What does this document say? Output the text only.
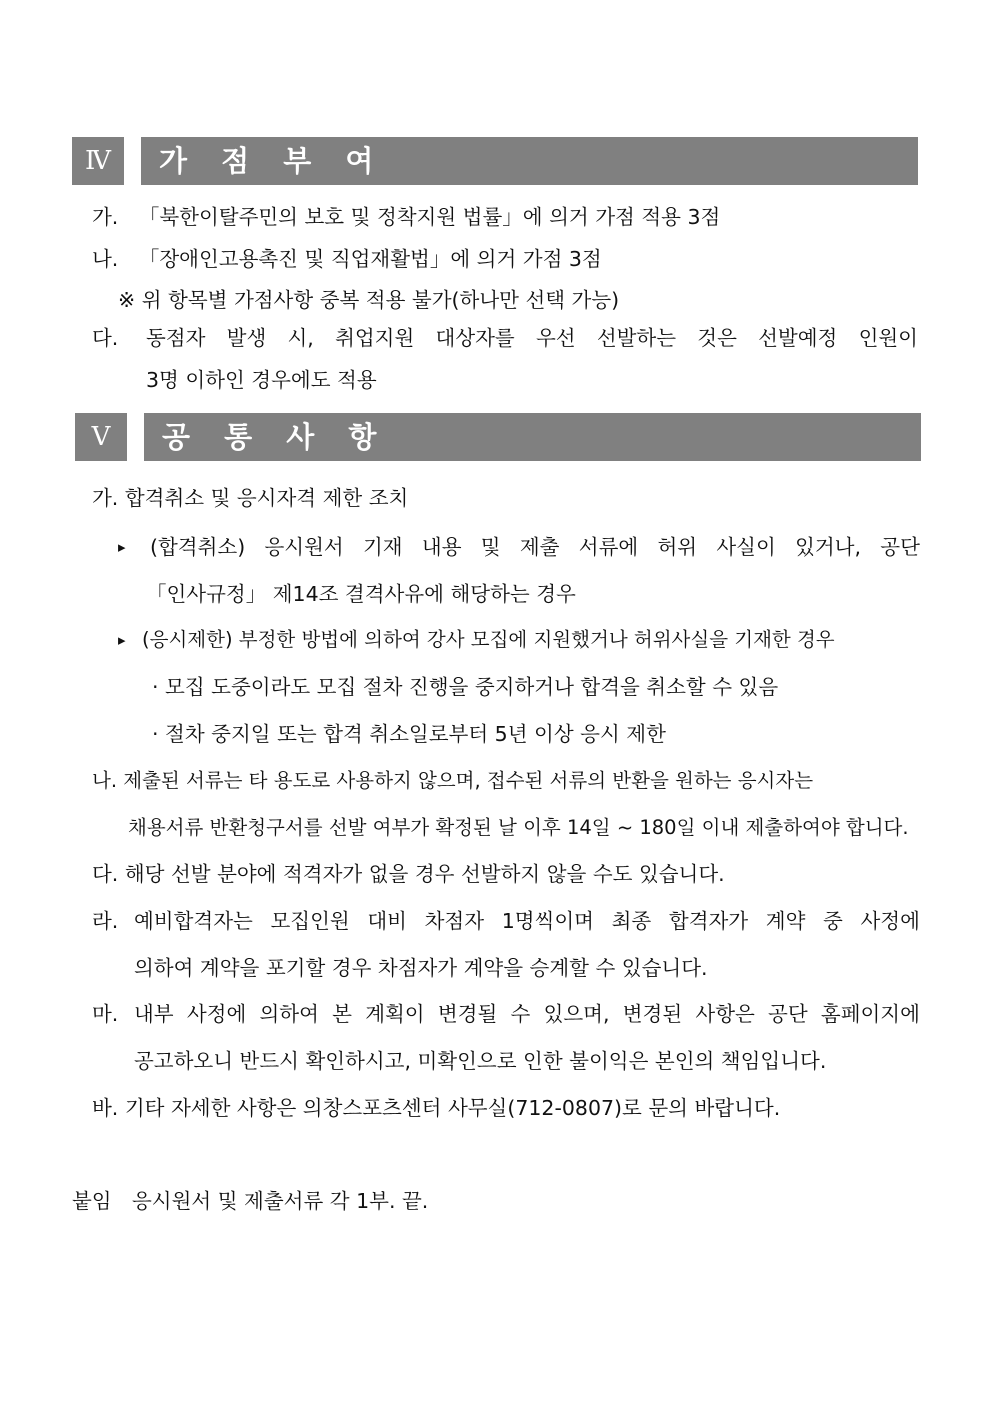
Ⅳ	가 점 부 여
가. 「북한이탈주민의 보호 및 정착지원 법률」에 의거 가점 적용 3점
나. 「장애인고용촉진 및 직업재활법」에 의거 가점 3점
※ 위 항목별 가점사항 중복 적용 불가(하나만 선택 가능)
다. 동점자 발생 시, 취업지원 대상자를 우선 선발하는 것은 선발예정 인원이
3명 이하인 경우에도 적용
Ⅴ	공 통 사 항
가. 합격취소 및 응시자격 제한 조치
▸ (합격취소) 응시원서 기재 내용 및 제출 서류에 허위 사실이 있거나, 공단
「인사규정」 제14조 결격사유에 해당하는 경우
▸ (응시제한) 부정한 방법에 의하여 강사 모집에 지원했거나 허위사실을 기재한 경우
· 모집 도중이라도 모집 절차 진행을 중지하거나 합격을 취소할 수 있음
· 절차 중지일 또는 합격 취소일로부터 5년 이상 응시 제한
나. 제출된 서류는 타 용도로 사용하지 않으며, 접수된 서류의 반환을 원하는 응시자는
채용서류 반환청구서를 선발 여부가 확정된 날 이후 14일 ~ 180일 이내 제출하여야 합니다.
다. 해당 선발 분야에 적격자가 없을 경우 선발하지 않을 수도 있습니다.
라. 예비합격자는 모집인원 대비 차점자 1명씩이며 최종 합격자가 계약 중 사정에
의하여 계약을 포기할 경우 차점자가 계약을 승계할 수 있습니다.
마. 내부 사정에 의하여 본 계획이 변경될 수 있으며, 변경된 사항은 공단 홈페이지에
공고하오니 반드시 확인하시고, 미확인으로 인한 불이익은 본인의 책임입니다.
바. 기타 자세한 사항은 의창스포츠센터 사무실(712-0807)로 문의 바랍니다.
붙임 응시원서 및 제출서류 각 1부. 끝.
